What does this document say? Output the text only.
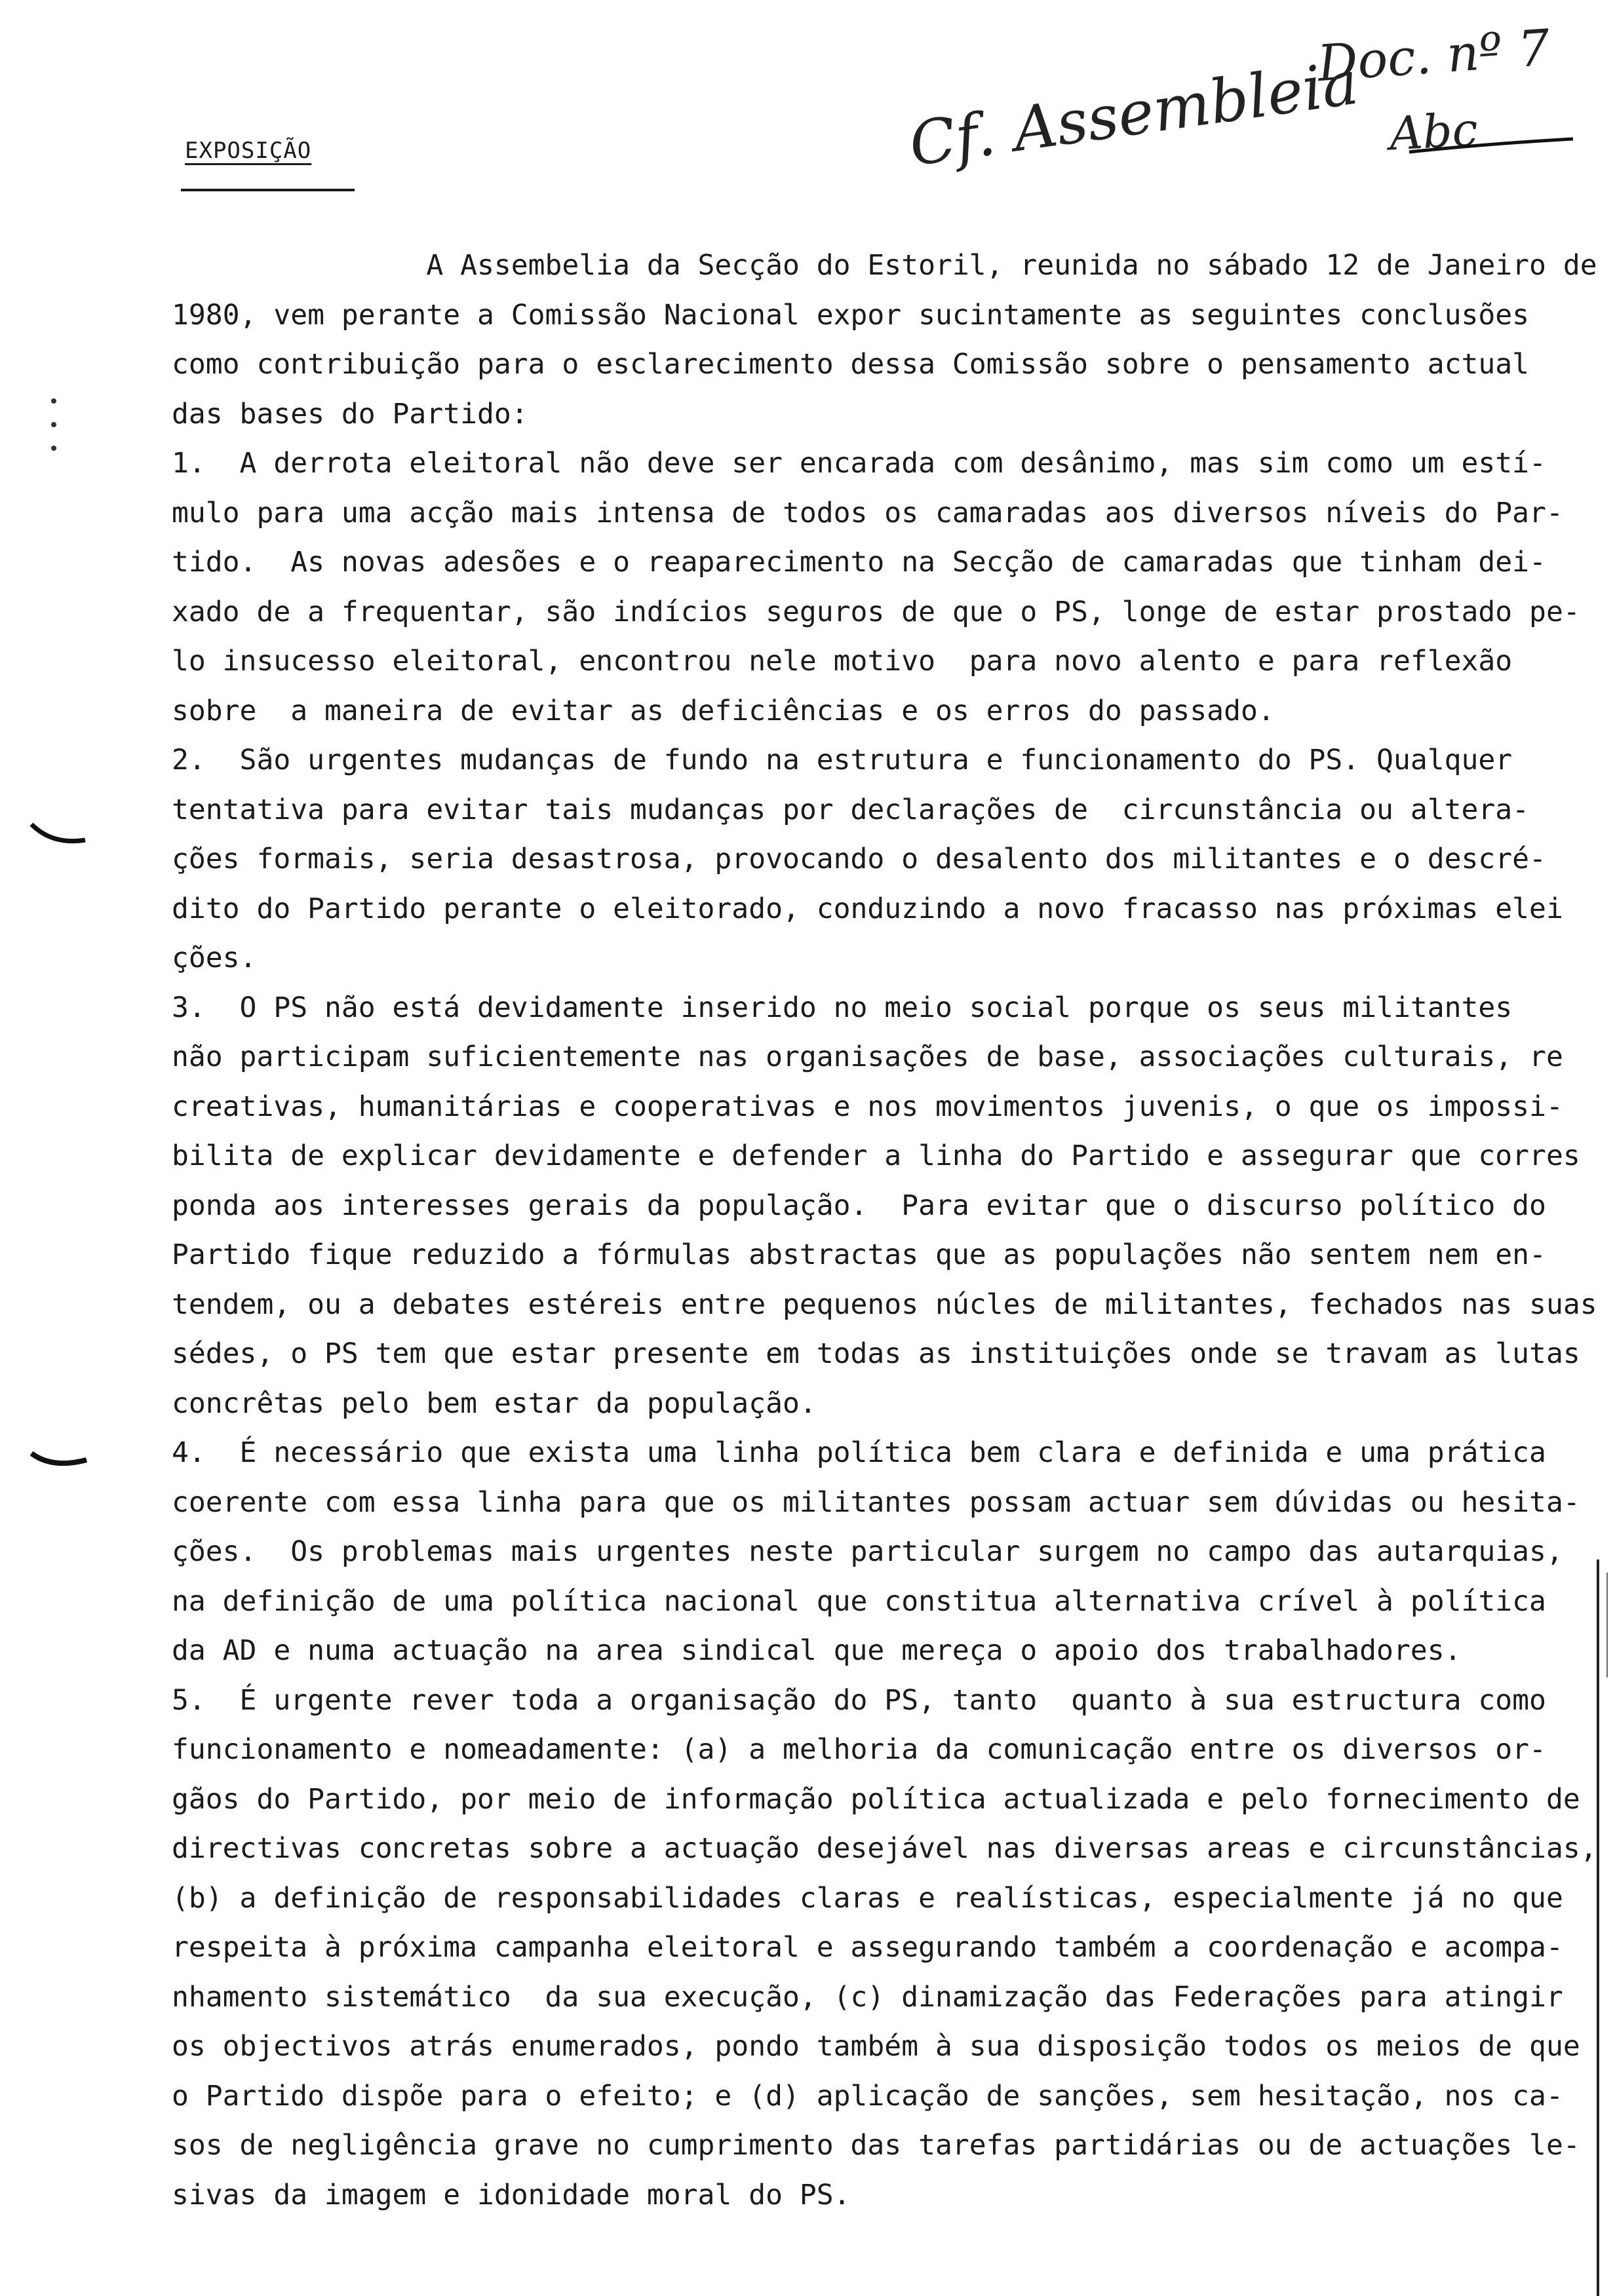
EXPOSIÇÃO
Doc. nº 7
Cf. Assembleia Abc
A Assembelia da Secção do Estoril, reunida no sábado 12 de Janeiro de
1980, vem perante a Comissão Nacional expor sucintamente as seguintes conclusões
como contribuição para o esclarecimento dessa Comissão sobre o pensamento actual
das bases do Partido:
1.  A derrota eleitoral não deve ser encarada com desânimo, mas sim como um estí-
mulo para uma acção mais intensa de todos os camaradas aos diversos níveis do Par-
tido.  As novas adesões e o reaparecimento na Secção de camaradas que tinham dei-
xado de a frequentar, são indícios seguros de que o PS, longe de estar prostado pe-
lo insucesso eleitoral, encontrou nele motivo  para novo alento e para reflexão
sobre  a maneira de evitar as deficiências e os erros do passado.
2.  São urgentes mudanças de fundo na estrutura e funcionamento do PS. Qualquer
tentativa para evitar tais mudanças por declarações de  circunstância ou altera-
ções formais, seria desastrosa, provocando o desalento dos militantes e o descré-
dito do Partido perante o eleitorado, conduzindo a novo fracasso nas próximas elei
ções.
3.  O PS não está devidamente inserido no meio social porque os seus militantes
não participam suficientemente nas organisações de base, associações culturais, re
creativas, humanitárias e cooperativas e nos movimentos juvenis, o que os impossi-
bilita de explicar devidamente e defender a linha do Partido e assegurar que corres
ponda aos interesses gerais da população.  Para evitar que o discurso político do
Partido fique reduzido a fórmulas abstractas que as populações não sentem nem en-
tendem, ou a debates estéreis entre pequenos núcles de militantes, fechados nas suas
sédes, o PS tem que estar presente em todas as instituições onde se travam as lutas
concrêtas pelo bem estar da população.
4.  É necessário que exista uma linha política bem clara e definida e uma prática
coerente com essa linha para que os militantes possam actuar sem dúvidas ou hesita-
ções.  Os problemas mais urgentes neste particular surgem no campo das autarquias,
na definição de uma política nacional que constitua alternativa crível à política
da AD e numa actuação na area sindical que mereça o apoio dos trabalhadores.
5.  É urgente rever toda a organisação do PS, tanto  quanto à sua estructura como
funcionamento e nomeadamente: (a) a melhoria da comunicação entre os diversos or-
gãos do Partido, por meio de informação política actualizada e pelo fornecimento de
directivas concretas sobre a actuação desejável nas diversas areas e circunstâncias,
(b) a definição de responsabilidades claras e realísticas, especialmente já no que
respeita à próxima campanha eleitoral e assegurando também a coordenação e acompa-
nhamento sistemático  da sua execução, (c) dinamização das Federações para atingir
os objectivos atrás enumerados, pondo também à sua disposição todos os meios de que
o Partido dispõe para o efeito; e (d) aplicação de sanções, sem hesitação, nos ca-
sos de negligência grave no cumprimento das tarefas partidárias ou de actuações le-
sivas da imagem e idonidade moral do PS.
